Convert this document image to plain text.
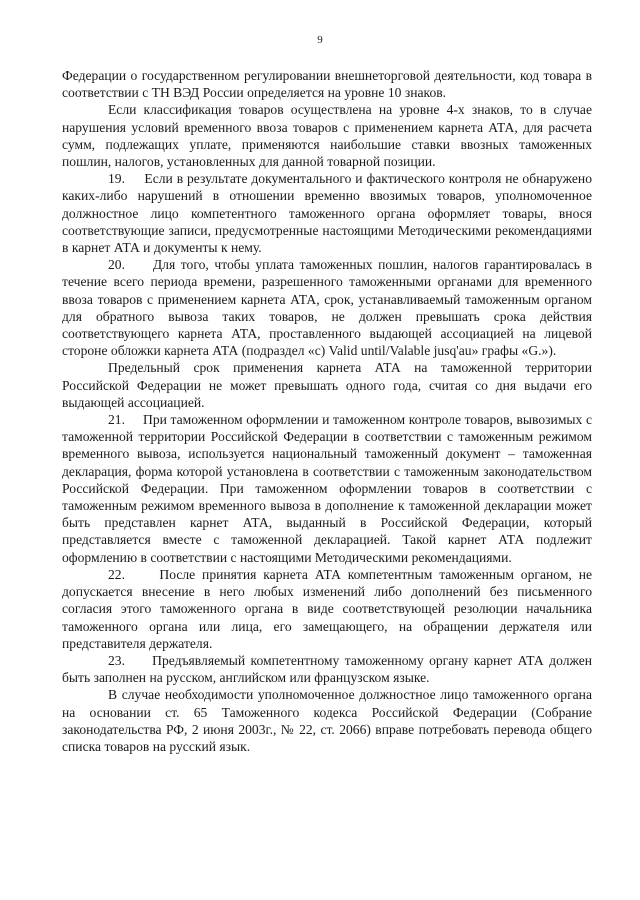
9

Федерации о государственном регулировании внешнеторговой деятельности, код товара в соответствии с ТН ВЭД России определяется на уровне 10 знаков.

Если классификация товаров осуществлена на уровне 4-х знаков, то в случае нарушения условий временного ввоза товаров с применением карнета АТА, для расчета сумм, подлежащих уплате, применяются наибольшие ставки ввозных таможенных пошлин, налогов, установленных для данной товарной позиции.

19. Если в результате документального и фактического контроля не обнаружено каких-либо нарушений в отношении временно ввозимых товаров, уполномоченное должностное лицо компетентного таможенного органа оформляет товары, внося соответствующие записи, предусмотренные настоящими Методическими рекомендациями в карнет АТА и документы к нему.

20. Для того, чтобы уплата таможенных пошлин, налогов гарантировалась в течение всего периода времени, разрешенного таможенными органами для временного ввоза товаров с применением карнета АТА, срок, устанавливаемый таможенным органом для обратного вывоза таких товаров, не должен превышать срока действия соответствующего карнета АТА, проставленного выдающей ассоциацией на лицевой стороне обложки карнета АТА (подраздел «с) Valid until/Valable jusq'au» графы «G.»).

Предельный срок применения карнета АТА на таможенной территории Российской Федерации не может превышать одного года, считая со дня выдачи его выдающей ассоциацией.

21. При таможенном оформлении и таможенном контроле товаров, вывозимых с таможенной территории Российской Федерации в соответствии с таможенным режимом временного вывоза, используется национальный таможенный документ – таможенная декларация, форма которой установлена в соответствии с таможенным законодательством Российской Федерации. При таможенном оформлении товаров в соответствии с таможенным режимом временного вывоза в дополнение к таможенной декларации может быть представлен карнет АТА, выданный в Российской Федерации, который представляется вместе с таможенной декларацией. Такой карнет АТА подлежит оформлению в соответствии с настоящими Методическими рекомендациями.

22.	После принятия карнета АТА компетентным таможенным органом, не допускается внесение в него любых изменений либо дополнений без письменного согласия этого таможенного органа в виде соответствующей резолюции начальника таможенного органа или лица, его замещающего, на обращении держателя или представителя держателя.

23. Предъявляемый компетентному таможенному органу карнет АТА должен быть заполнен на русском, английском или французском языке.

В случае необходимости уполномоченное должностное лицо таможенного органа на основании ст. 65 Таможенного кодекса Российской Федерации (Собрание законодательства РФ, 2 июня 2003г., № 22, ст. 2066) вправе потребовать перевода общего списка товаров на русский язык.
